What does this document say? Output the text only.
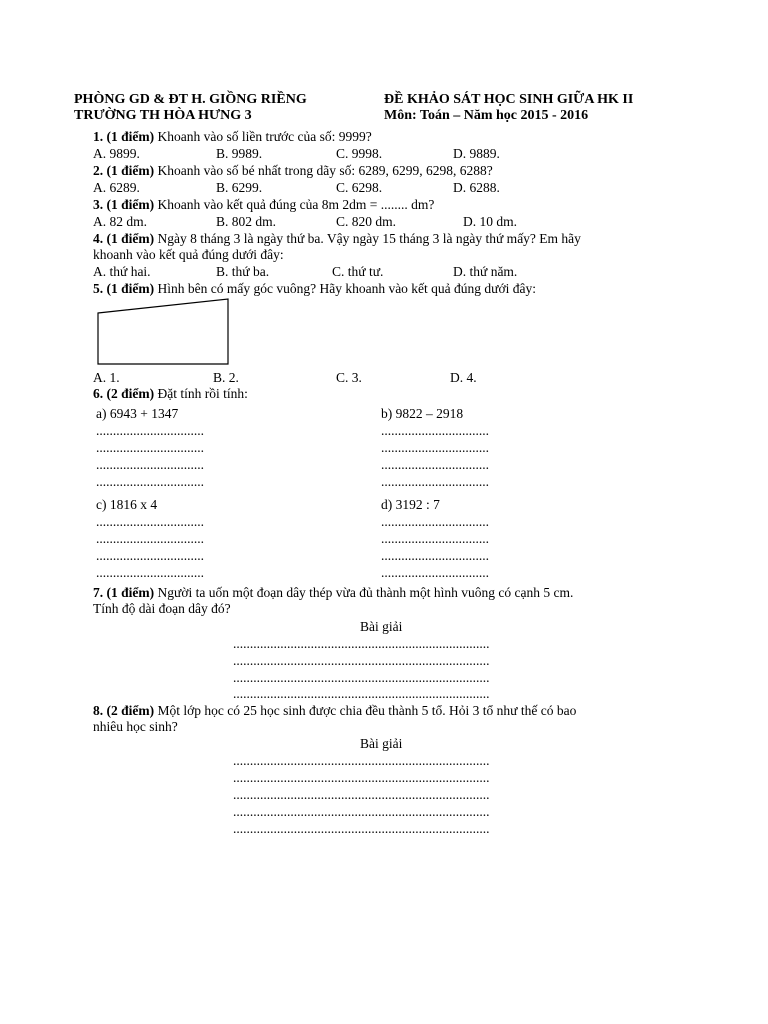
PHÒNG GD & ĐT H. GIỒNG RIỀNG
TRƯỜNG TH HÒA HƯNG 3
ĐỀ KHẢO SÁT HỌC SINH GIỮA HK II
Môn: Toán – Năm học 2015 - 2016
1. (1 điểm) Khoanh vào số liền trước của số: 9999?
A. 9899.	B. 9989.	C. 9998.	D. 9889.
2. (1 điểm) Khoanh vào số bé nhất trong dãy số: 6289, 6299, 6298, 6288?
A. 6289.	B. 6299.	C. 6298.	D. 6288.
3. (1 điểm) Khoanh vào kết quả đúng của 8m 2dm = ........ dm?
A. 82 dm.	B. 802 dm.	C. 820 dm.	D. 10 dm.
4. (1 điểm) Ngày 8 tháng 3 là ngày thứ ba. Vậy ngày 15 tháng 3 là ngày thứ mấy? Em hãy
khoanh vào kết quả đúng dưới đây:
A. thứ hai.	B. thứ ba.	C. thứ tư.	D. thứ năm.
5. (1 điểm) Hình bên có mấy góc vuông? Hãy khoanh vào kết quả đúng dưới đây:
A. 1.	B. 2.	C. 3.	D. 4.
6. (2 điểm) Đặt tính rồi tính:
a) 6943 + 1347
................................
................................
................................
................................
b) 9822 – 2918
................................
................................
................................
................................
c) 1816 x 4
................................
................................
................................
................................
d) 3192 : 7
................................
................................
................................
................................
7. (1 điểm) Người ta uốn một đoạn dây thép vừa đủ thành một hình vuông có cạnh 5 cm.
Tính độ dài đoạn dây đó?
Bài giải
............................................................................
............................................................................
............................................................................
............................................................................
8. (2 điểm) Một lớp học có 25 học sinh được chia đều thành 5 tổ. Hỏi 3 tổ như thế có bao
nhiêu học sinh?
Bài giải
............................................................................
............................................................................
............................................................................
............................................................................
............................................................................
